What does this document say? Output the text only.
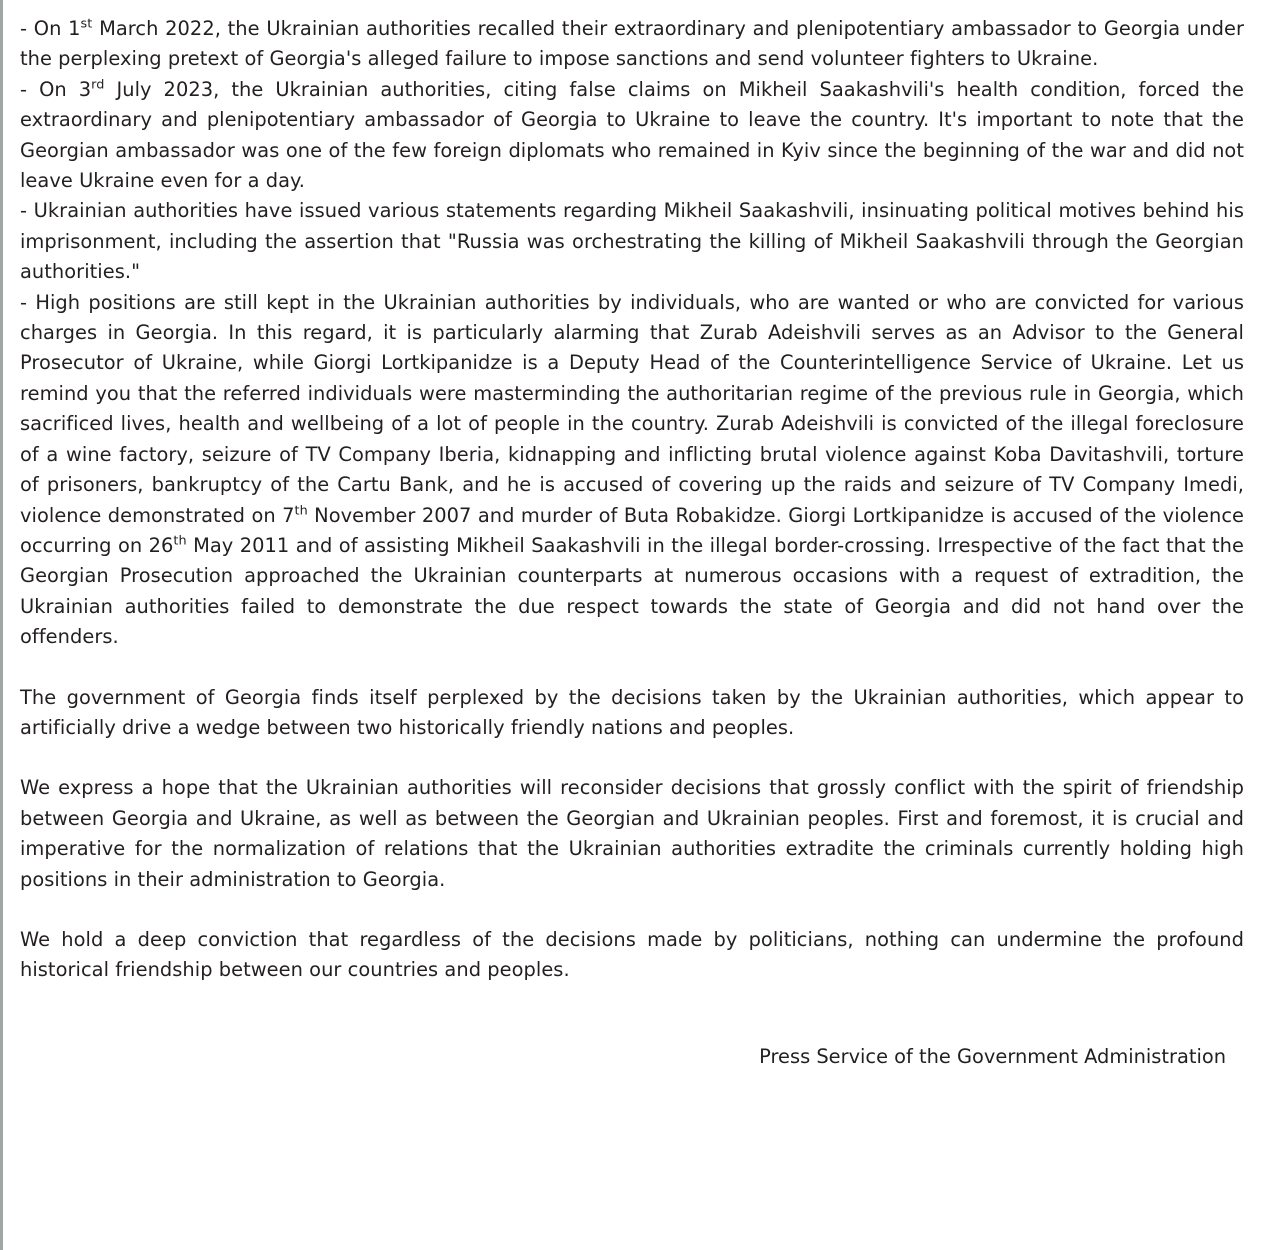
- On 1st March 2022, the Ukrainian authorities recalled their extraordinary and plenipotentiary ambassador to Georgia under the perplexing pretext of Georgia's alleged failure to impose sanctions and send volunteer fighters to Ukraine.

- On 3rd July 2023, the Ukrainian authorities, citing false claims on Mikheil Saakashvili's health condition, forced the extraordinary and plenipotentiary ambassador of Georgia to Ukraine to leave the country. It's important to note that the Georgian ambassador was one of the few foreign diplomats who remained in Kyiv since the beginning of the war and did not leave Ukraine even for a day.

- Ukrainian authorities have issued various statements regarding Mikheil Saakashvili, insinuating political motives behind his imprisonment, including the assertion that "Russia was orchestrating the killing of Mikheil Saakashvili through the Georgian authorities."

- High positions are still kept in the Ukrainian authorities by individuals, who are wanted or who are convicted for various charges in Georgia. In this regard, it is particularly alarming that Zurab Adeishvili serves as an Advisor to the General Prosecutor of Ukraine, while Giorgi Lortkipanidze is a Deputy Head of the Counterintelligence Service of Ukraine. Let us remind you that the referred individuals were masterminding the authoritarian regime of the previous rule in Georgia, which sacrificed lives, health and wellbeing of a lot of people in the country. Zurab Adeishvili is convicted of the illegal foreclosure of a wine factory, seizure of TV Company Iberia, kidnapping and inflicting brutal violence against Koba Davitashvili, torture of prisoners, bankruptcy of the Cartu Bank, and he is accused of covering up the raids and seizure of TV Company Imedi, violence demonstrated on 7th November 2007 and murder of Buta Robakidze. Giorgi Lortkipanidze is accused of the violence occurring on 26th May 2011 and of assisting Mikheil Saakashvili in the illegal border-crossing. Irrespective of the fact that the Georgian Prosecution approached the Ukrainian counterparts at numerous occasions with a request of extradition, the Ukrainian authorities failed to demonstrate the due respect towards the state of Georgia and did not hand over the offenders.

The government of Georgia finds itself perplexed by the decisions taken by the Ukrainian authorities, which appear to artificially drive a wedge between two historically friendly nations and peoples.

We express a hope that the Ukrainian authorities will reconsider decisions that grossly conflict with the spirit of friendship between Georgia and Ukraine, as well as between the Georgian and Ukrainian peoples. First and foremost, it is crucial and imperative for the normalization of relations that the Ukrainian authorities extradite the criminals currently holding high positions in their administration to Georgia.

We hold a deep conviction that regardless of the decisions made by politicians, nothing can undermine the profound historical friendship between our countries and peoples.

Press Service of the Government Administration
